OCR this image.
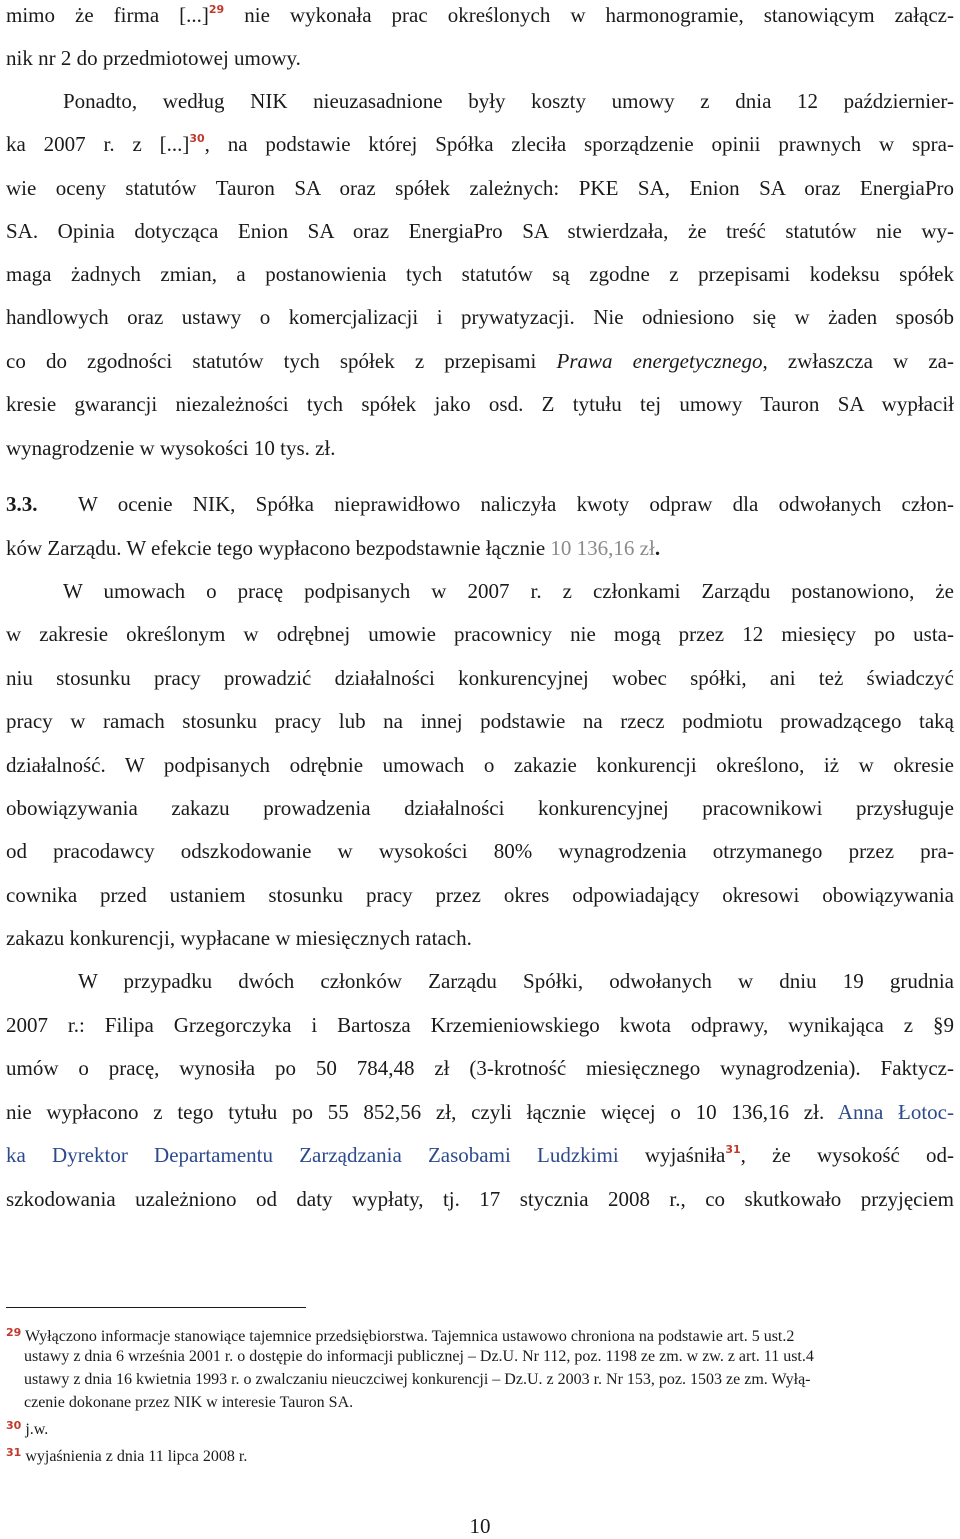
mimo że firma [...]$^{29}$ nie wykonała prac określonych w harmonogramie, stanowiącym załącz-
nik nr 2 do przedmiotowej umowy.
Ponadto, według NIK nieuzasadnione były koszty umowy z dnia 12 październier-
ka 2007 r. z [...]$^{30}$, na podstawie której Spółka zleciła sporządzenie opinii prawnych w spra-
wie oceny statutów Tauron SA oraz spółek zależnych: PKE SA, Enion SA oraz EnergiaPro
SA. Opinia dotycząca Enion SA oraz EnergiaPro SA stwierdzała, że treść statutów nie wy-
maga żadnych zmian, a postanowienia tych statutów są zgodne z przepisami kodeksu spółek
handlowych oraz ustawy o komercjalizacji i prywatyzacji. Nie odniesiono się w żaden sposób
co do zgodności statutów tych spółek z przepisami Prawa energetycznego, zwłaszcza w za-
kresie gwarancji niezależności tych spółek jako osd. Z tytułu tej umowy Tauron SA wypłacił
wynagrodzenie w wysokości 10 tys. zł.
3.3.	W ocenie NIK, Spółka nieprawidłowo naliczyła kwoty odpraw dla odwołanych człon-
ków Zarządu. W efekcie tego wypłacono bezpodstawnie łącznie 10 136,16 zł.
W umowach o pracę podpisanych w 2007 r. z członkami Zarządu postanowiono, że
w zakresie określonym w odrębnej umowie pracownicy nie mogą przez 12 miesięcy po usta-
niu stosunku pracy prowadzić działalności konkurencyjnej wobec spółki, ani też świadczyć
pracy w ramach stosunku pracy lub na innej podstawie na rzecz podmiotu prowadzącego taką
działalność. W podpisanych odrębnie umowach o zakazie konkurencji określono, iż w okresie
obowiązywania zakazu prowadzenia działalności konkurencyjnej pracownikowi przysługuje
od pracodawcy odszkodowanie w wysokości 80% wynagrodzenia otrzymanego przez pra-
cownika przed ustaniem stosunku pracy przez okres odpowiadający okresowi obowiązywania
zakazu konkurencji, wypłacane w miesięcznych ratach.
W przypadku dwóch członków Zarządu Spółki, odwołanych w dniu 19 grudnia
2007 r.: Filipa Grzegorczyka i Bartosza Krzemieniowskiego kwota odprawy, wynikająca z §9
umów o pracę, wynosiła po 50 784,48 zł (3-krotność miesięcznego wynagrodzenia). Faktycz-
nie wypłacono z tego tytułu po 55 852,56 zł, czyli łącznie więcej o 10 136,16 zł. Anna Łotoc-
ka Dyrektor Departamentu Zarządzania Zasobami Ludzkimi wyjaśniła$^{31}$, że wysokość od-
szkodowania uzależniono od daty wypłaty, tj. 17 stycznia 2008 r., co skutkowało przyjęciem
$^{29}$ Wyłączono informacje stanowiące tajemnice przedsiębiorstwa. Tajemnica ustawowo chroniona na podstawie art. 5 ust.2
ustawy z dnia 6 września 2001 r. o dostępie do informacji publicznej – Dz.U. Nr 112, poz. 1198 ze zm. w zw. z art. 11 ust.4
ustawy z dnia 16 kwietnia 1993 r. o zwalczaniu nieuczciwej konkurencji – Dz.U. z 2003 r. Nr 153, poz. 1503 ze zm. Wyłą-
czenie dokonane przez NIK w interesie Tauron SA.
$^{30}$ j.w.
$^{31}$ wyjaśnienia z dnia 11 lipca 2008 r.
10
